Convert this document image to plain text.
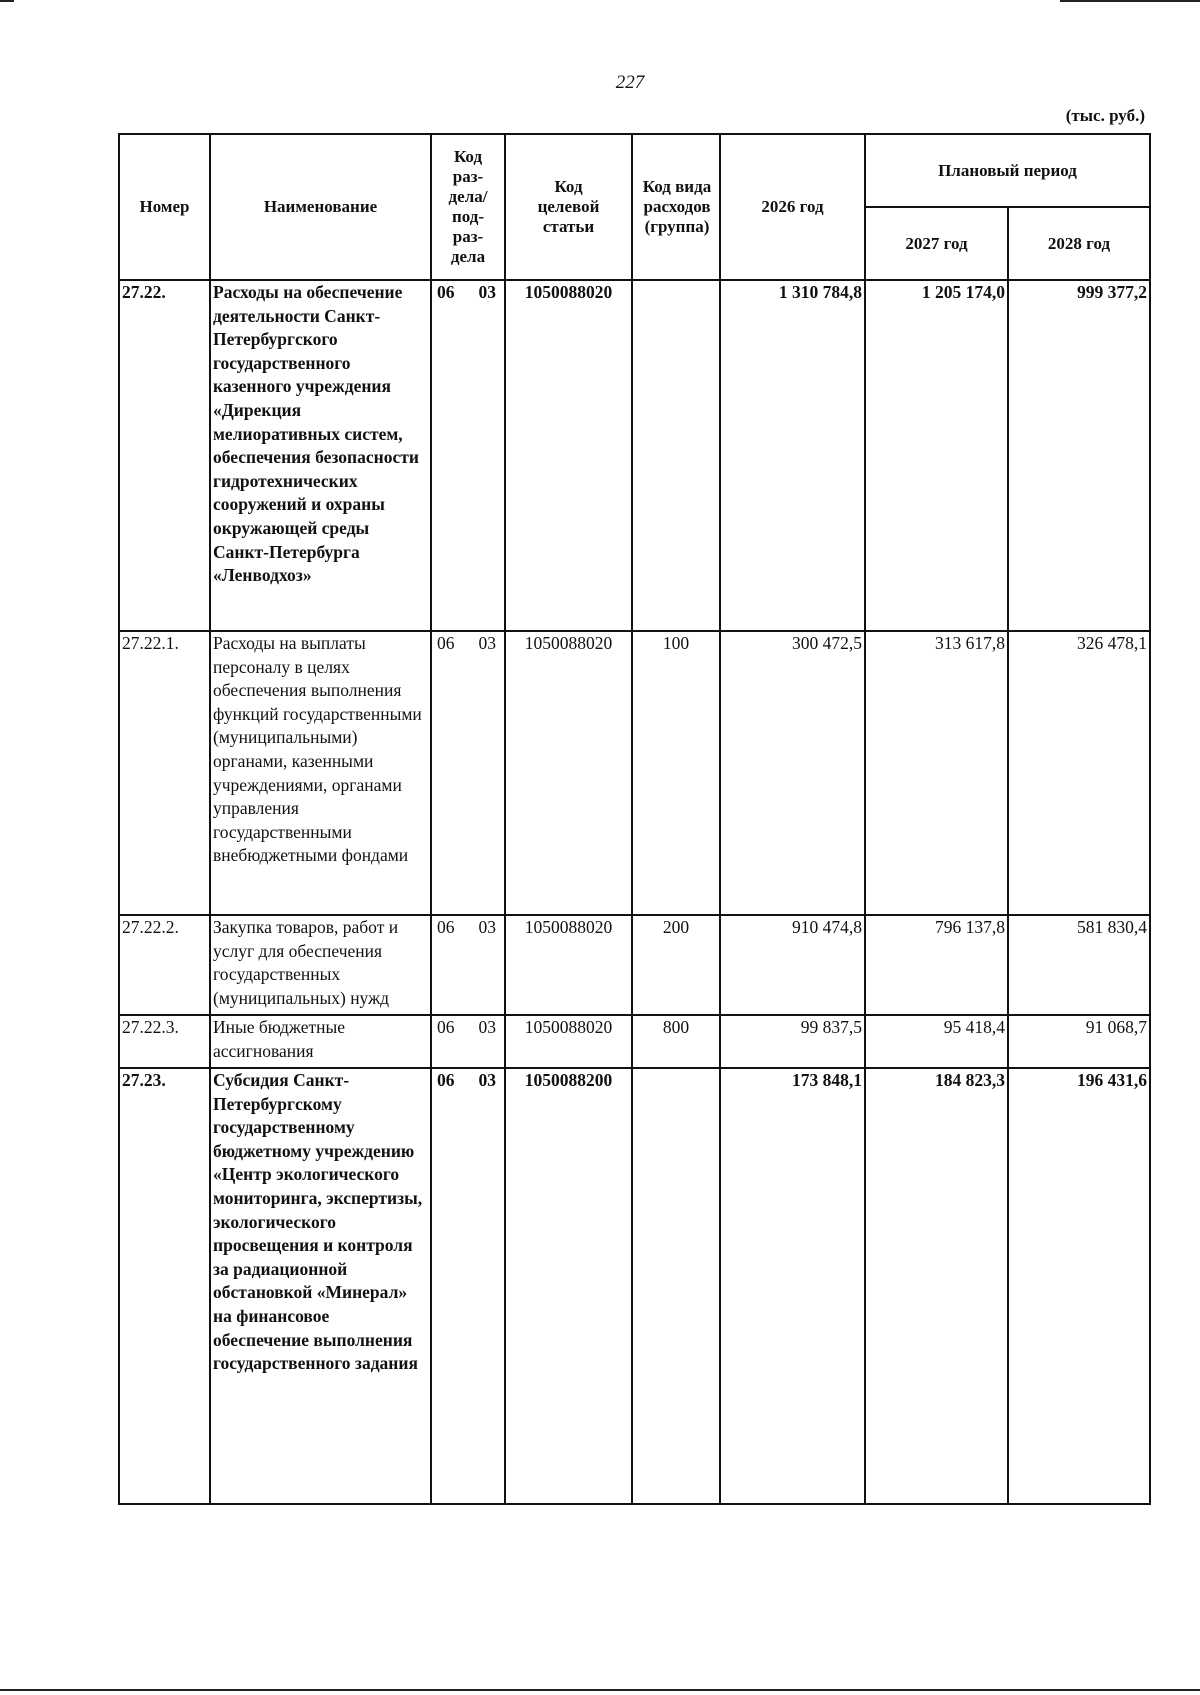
227
(тыс. руб.)
Номер	Наименование	Код раз-дела/ под-раз-дела	Код целевой статьи	Код вида расходов (группа)	2026 год	Плановый период	
						2027 год	2028 год
27.22.	Расходы на обеспечение деятельности Санкт-Петербургского государственного казенного учреждения «Дирекция мелиоративных систем, обеспечения безопасности гидротехнических сооружений и охраны окружающей среды Санкт-Петербурга «Ленводхоз»	06 03	1050088020		1 310 784,8	1 205 174,0	999 377,2
27.22.1.	Расходы на выплаты персоналу в целях обеспечения выполнения функций государственными (муниципальными) органами, казенными учреждениями, органами управления государственными внебюджетными фондами	06 03	1050088020	100	300 472,5	313 617,8	326 478,1
27.22.2.	Закупка товаров, работ и услуг для обеспечения государственных (муниципальных) нужд	06 03	1050088020	200	910 474,8	796 137,8	581 830,4
27.22.3.	Иные бюджетные ассигнования	06 03	1050088020	800	99 837,5	95 418,4	91 068,7
27.23.	Субсидия Санкт-Петербургскому государственному бюджетному учреждению «Центр экологического мониторинга, экспертизы, экологического просвещения и контроля за радиационной обстановкой «Минерал» на финансовое обеспечение выполнения государственного задания	06 03	1050088200		173 848,1	184 823,3	196 431,6
